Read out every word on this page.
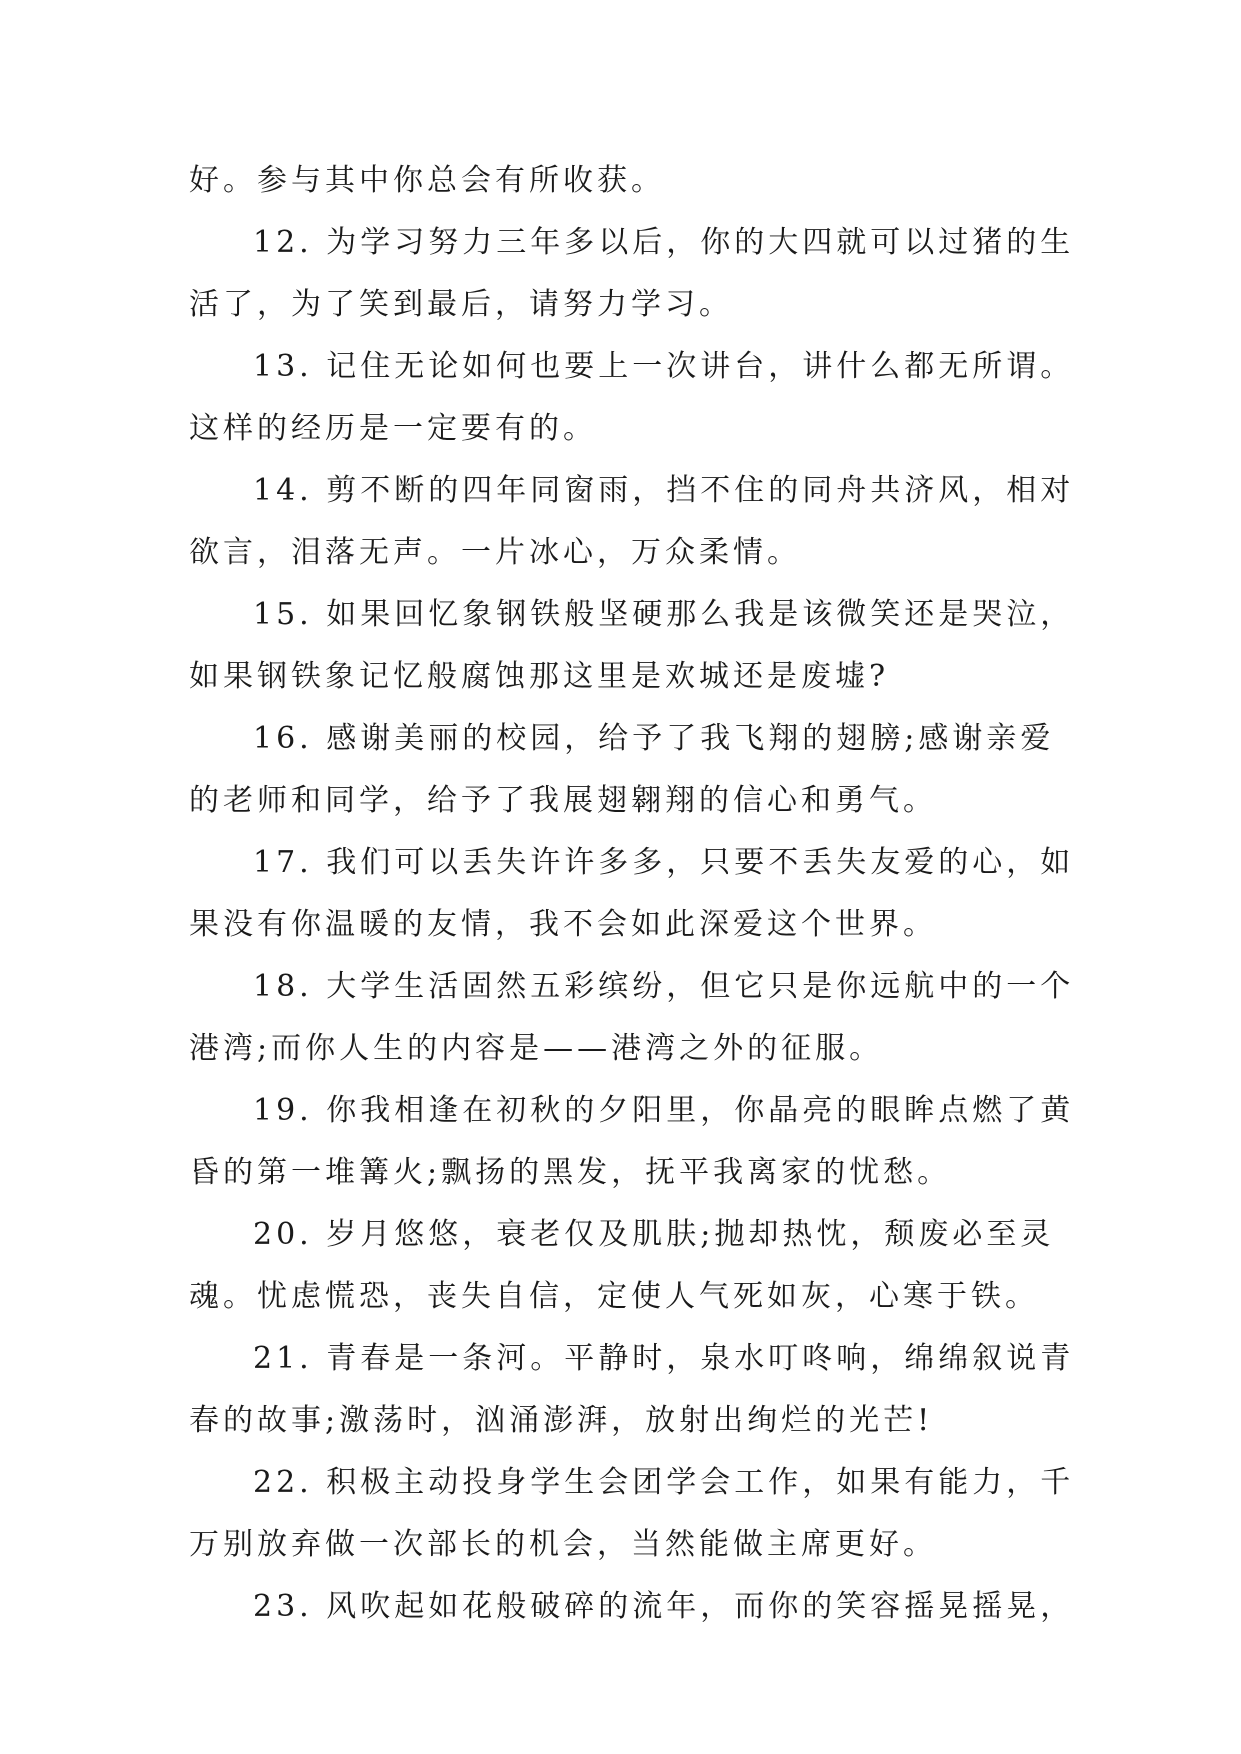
好。参与其中你总会有所收获。
12. 为学习努力三年多以后，你的大四就可以过猪的生
活了，为了笑到最后，请努力学习。
13. 记住无论如何也要上一次讲台，讲什么都无所谓。
这样的经历是一定要有的。
14. 剪不断的四年同窗雨，挡不住的同舟共济风，相对
欲言，泪落无声。一片冰心，万众柔情。
15. 如果回忆象钢铁般坚硬那么我是该微笑还是哭泣，
如果钢铁象记忆般腐蚀那这里是欢城还是废墟?
16. 感谢美丽的校园，给予了我飞翔的翅膀;感谢亲爱
的老师和同学，给予了我展翅翱翔的信心和勇气。
17. 我们可以丢失许许多多，只要不丢失友爱的心，如
果没有你温暖的友情，我不会如此深爱这个世界。
18. 大学生活固然五彩缤纷，但它只是你远航中的一个
港湾;而你人生的内容是——港湾之外的征服。
19. 你我相逢在初秋的夕阳里，你晶亮的眼眸点燃了黄
昏的第一堆篝火;飘扬的黑发，抚平我离家的忧愁。
20. 岁月悠悠，衰老仅及肌肤;抛却热忱，颓废必至灵
魂。忧虑慌恐，丧失自信，定使人气死如灰，心寒于铁。
21. 青春是一条河。平静时，泉水叮咚响，绵绵叙说青
春的故事;激荡时，汹涌澎湃，放射出绚烂的光芒!
22. 积极主动投身学生会团学会工作，如果有能力，千
万别放弃做一次部长的机会，当然能做主席更好。
23. 风吹起如花般破碎的流年，而你的笑容摇晃摇晃，
